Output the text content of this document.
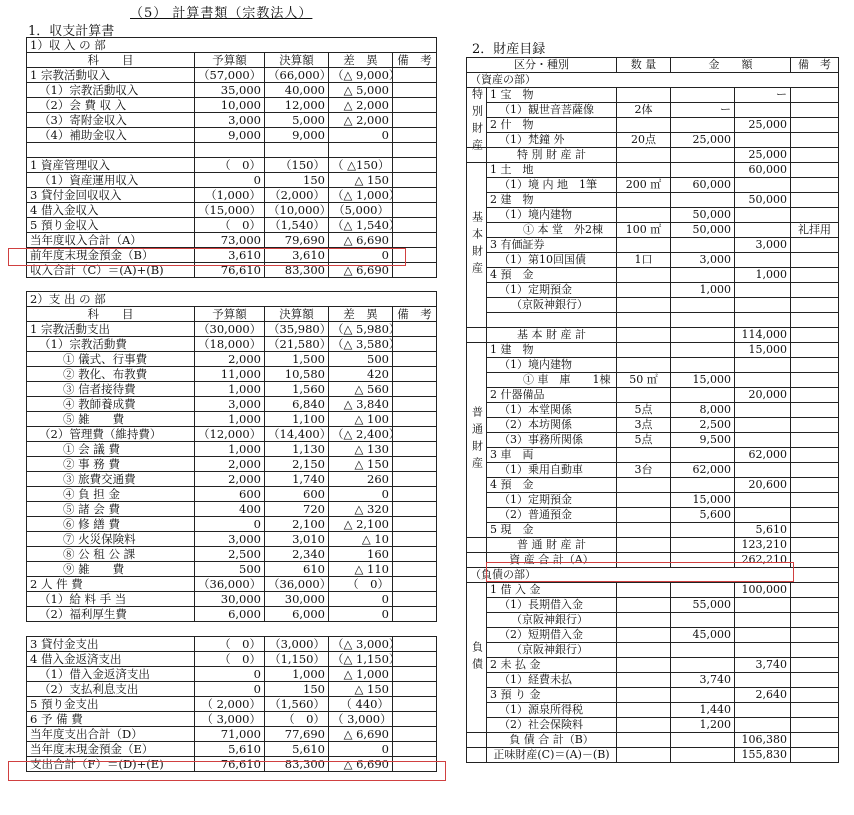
（5） 計算書類（宗教法人）
1．収支計算書
2．財産目録
1）収 入 の 部				
科　　目	予算額	決算額	差　異	備　考
1 宗教活動収入	（57,000）	（66,000）	（△ 9,000）	
（1）宗教活動収入	35,000	40,000	△ 5,000	
（2）会 費 収 入	10,000	12,000	△ 2,000	
（3）寄附金収入	3,000	5,000	△ 2,000	
（4）補助金収入	9,000	9,000	0	

1 資産管理収入	（　0）	（150）	（ △150）	
（1）資産運用収入	0	150	△ 150	
3 貸付金回収収入	（1,000）	（2,000）	（△ 1,000）	
4 借入金収入	（15,000）	（10,000）	（5,000）	
5 預り金収入	（　0）	（1,540）	（△ 1,540）	
当年度収入合計（A）	73,000	79,690	△ 6,690	
前年度末現金預金（B）	3,610	3,610	0	
収入合計（C）＝(A)+(B)	76,610	83,300	△ 6,690	
2）支 出 の 部				
科　　目	予算額	決算額	差　異	備　考
1 宗教活動支出	（30,000）	（35,980）	（△ 5,980）	
（1）宗教活動費	（18,000）	（21,580）	（△ 3,580）	
① 儀式、行事費	2,000	1,500	500	
② 教化、布教費	11,000	10,580	420	
③ 信者接待費	1,000	1,560	△ 560	
④ 教師養成費	3,000	6,840	△ 3,840	
⑤ 雑　　費	1,000	1,100	△ 100	
（2）管理費（維持費）	（12,000）	（14,400）	（△ 2,400）	
① 会 議 費	1,000	1,130	△ 130	
② 事 務 費	2,000	2,150	△ 150	
③ 旅費交通費	2,000	1,740	260	
④ 負 担 金	600	600	0	
⑤ 諸 会 費	400	720	△ 320	
⑥ 修 繕 費	0	2,100	△ 2,100	
⑦ 火災保険料	3,000	3,010	△ 10	
⑧ 公 租 公 課	2,500	2,340	160	
⑨ 雑　　費	500	610	△ 110	
2 人 件 費	（36,000）	（36,000）	（　0）	
（1）給 料 手 当	30,000	30,000	0	
（2）福利厚生費	6,000	6,000	0	
3 貸付金支出	（　0）	（3,000）	（△ 3,000）	
4 借入金返済支出	（　0）	（1,150）	（△ 1,150）	
（1）借入金返済支出	0	1,000	△ 1,000	
（2）支払利息支出	0	150	△ 150	
5 預り金支出	（ 2,000）	（1,560）	（ 440）	
6 予 備 費	（ 3,000）	（　0）	（ 3,000）	
当年度支出合計（D）	71,000	77,690	△ 6,690	
当年度末現金預金（E）	5,610	5,610	0	
支出合計（F）＝(D)+(E)	76,610	83,300	△ 6,690	
区分・種別		数 量	金　　額		備　考
（資産の部）					
特別財産	1 宝　物			ー	
	（1）観世音菩薩像	2体	ー		
	2 什　物			25,000	
	（1）梵鐘 外	20点	25,000		
	特 別 財 産 計			25,000	
基本財産	1 土　地			60,000	
	（1）境 内 地　1筆	200 ㎡	60,000		
	2 建　物			50,000	
	（1）境内建物		50,000		
	① 本 堂　外2棟	100 ㎡	50,000		礼拝用
	3 有価証券			3,000	
	（1）第10回国債	1口	3,000		
	4 預　金			1,000	
	（1）定期預金		1,000		
	（京阪神銀行）				

	基 本 財 産 計			114,000	
普通財産	1 建　物			15,000	
	（1）境内建物				
	① 車　庫　　1棟	50 ㎡	15,000		
	2 什器備品			20,000	
	（1）本堂関係	5点	8,000		
	（2）本坊関係	3点	2,500		
	（3）事務所関係	5点	9,500		
	3 車　両			62,000	
	（1）乗用自動車	3台	62,000		
	4 預　金			20,600	
	（1）定期預金		15,000		
	（2）普通預金		5,600		
	5 現　金			5,610	
	普 通 財 産 計			123,210	
	資 産 合 計（A）			262,210	
（負債の部）					
負債	1 借 入 金			100,000	
	（1）長期借入金		55,000		
	（京阪神銀行）				
	（2）短期借入金		45,000		
	（京阪神銀行）				
	2 未 払 金			3,740	
	（1）経費未払		3,740		
	3 預 り 金			2,640	
	（1）源泉所得税		1,440		
	（2）社会保険料		1,200		
	負 債 合 計（B）			106,380	
	正味財産(C)＝(A)－(B)			155,830	
